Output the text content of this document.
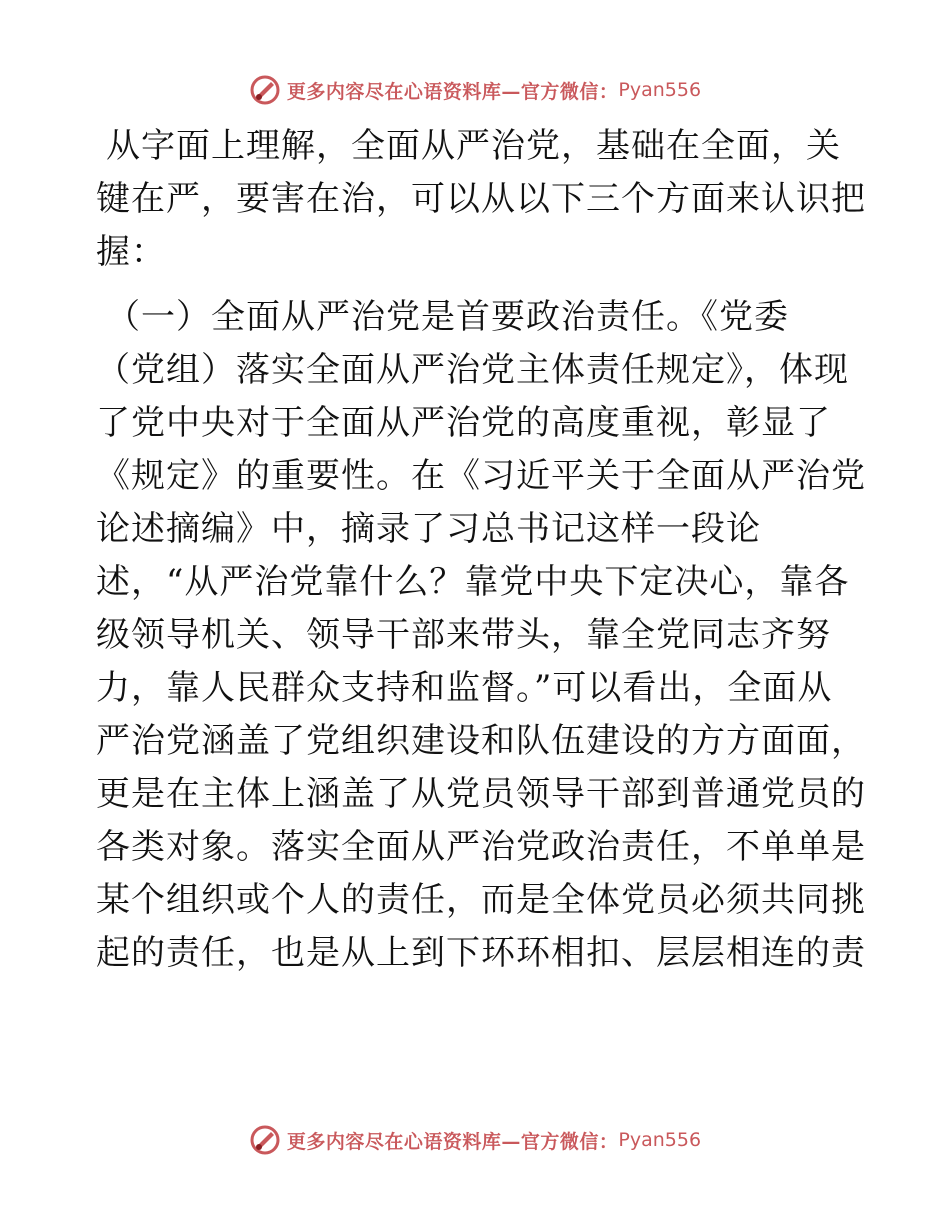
更多内容尽在心语资料库—官方微信： Pyan556
从字面上理解，全面从严治党，基础在全面，关
键在严，要害在治，可以从以下三个方面来认识把
握：
（一）全面从严治党是首要政治责任。《党委
（党组）落实全面从严治党主体责任规定》，体现
了党中央对于全面从严治党的高度重视，彰显了
《规定》的重要性。在《习近平关于全面从严治党
论述摘编》中，摘录了习总书记这样一段论
述，“从严治党靠什么？靠党中央下定决心，靠各
级领导机关、领导干部来带头，靠全党同志齐努
力，靠人民群众支持和监督。”可以看出，全面从
严治党涵盖了党组织建设和队伍建设的方方面面，
更是在主体上涵盖了从党员领导干部到普通党员的
各类对象。落实全面从严治党政治责任，不单单是
某个组织或个人的责任，而是全体党员必须共同挑
起的责任，也是从上到下环环相扣、层层相连的责
更多内容尽在心语资料库—官方微信： Pyan556
